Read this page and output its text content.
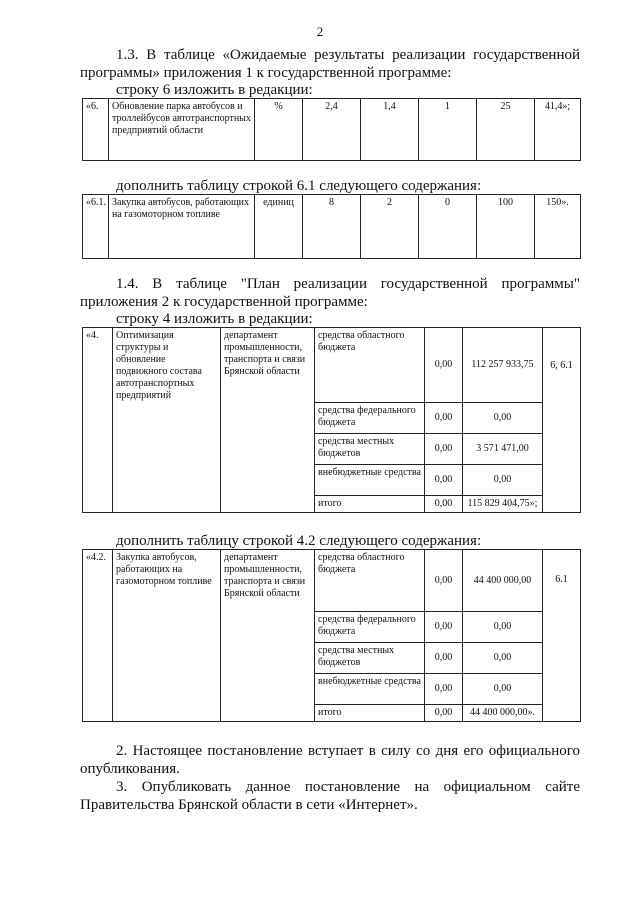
2
1.3. В таблице «Ожидаемые результаты реализации государственной программы» приложения 1 к государственной программе:
строку 6 изложить в редакции:
«6.	Обновление парка автобусов и троллейбусов автотранспортных предприятий области	%	2,4	1,4	1	25	41,4»;
дополнить таблицу строкой 6.1 следующего содержания:
«6.1.	Закупка автобусов, работающих на газомоторном топливе	единиц	8	2	0	100	150».
1.4. В таблице "План реализации государственной программы" приложения 2 к государственной программе:
строку 4 изложить в редакции:
«4.	Оптимизация структуры и обновление подвижного состава автотранспортных предприятий	департамент промышленности, транспорта и связи Брянской области	средства областного бюджета	0,00	112 257 933,75	6, 6.1
			средства федерального бюджета	0,00	0,00	
			средства местных бюджетов	0,00	3 571 471,00	
			внебюджетные средства	0,00	0,00	
			итого	0,00	115 829 404,75»;	
дополнить таблицу строкой 4.2 следующего содержания:
«4.2.	Закупка автобусов, работающих на газомоторном топливе	департамент промышленности, транспорта и связи Брянской области	средства областного бюджета	0,00	44 400 000,00	6.1
			средства федерального бюджета	0,00	0,00	
			средства местных бюджетов	0,00	0,00	
			внебюджетные средства	0,00	0,00	
			итого	0,00	44 400 000,00».	
2. Настоящее постановление вступает в силу со дня его официального опубликования.
3. Опубликовать данное постановление на официальном сайте Правительства Брянской области в сети «Интернет».
